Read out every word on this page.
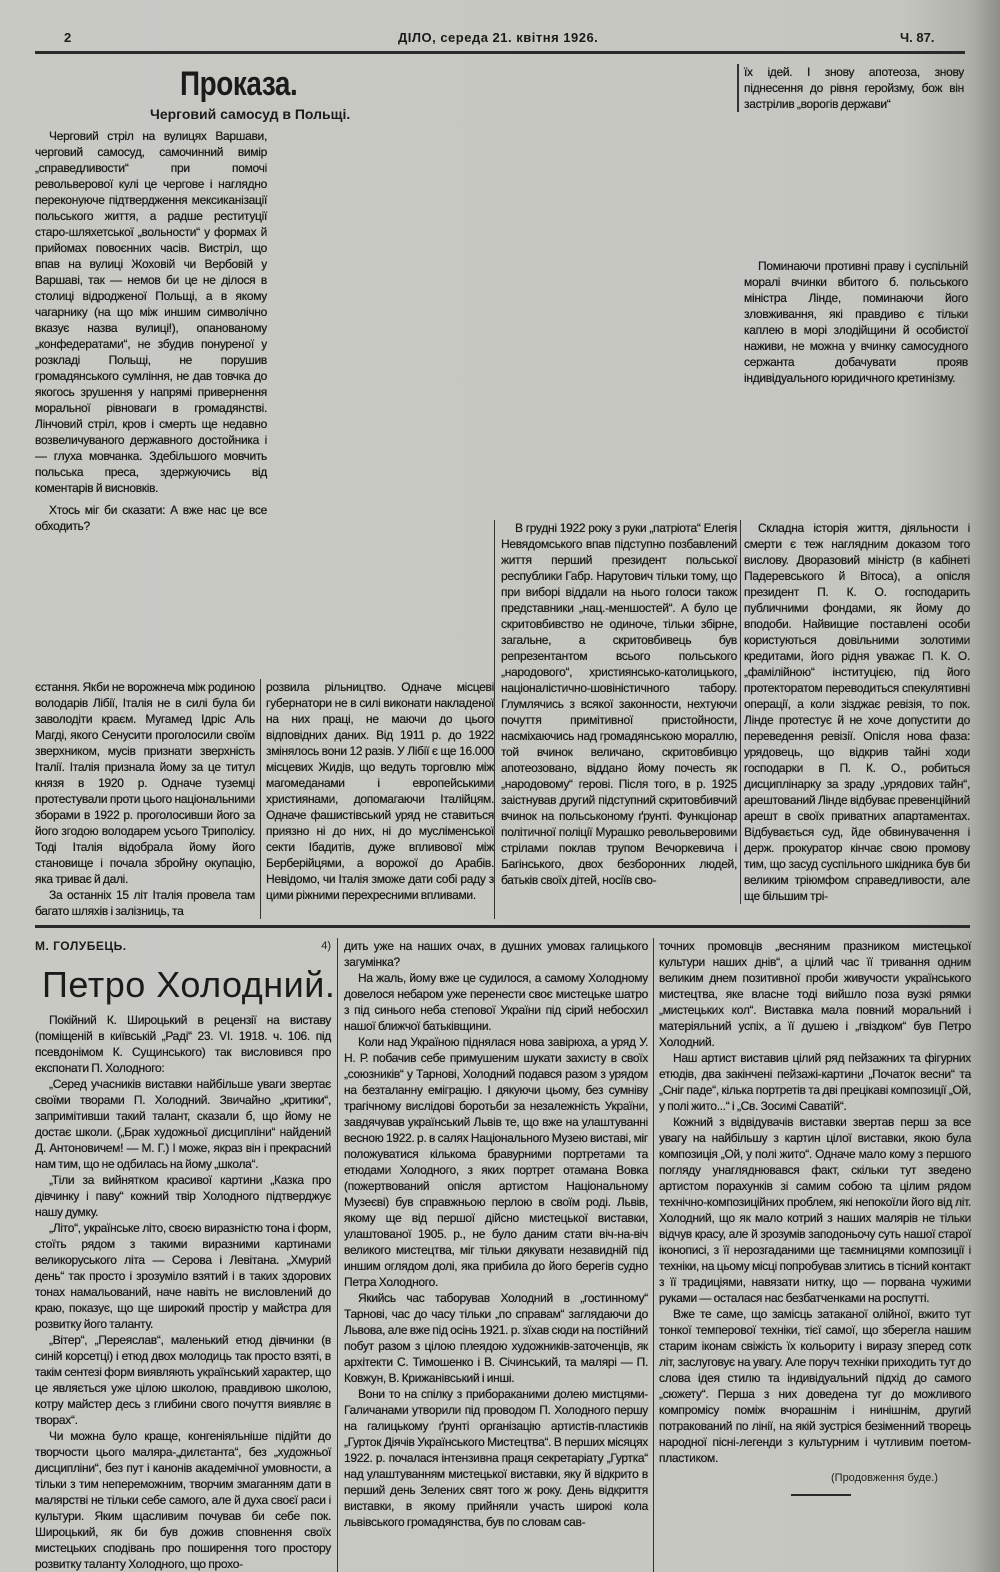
2	ДІЛО, середа 21. квітня 1926.	Ч. 87.
Проказа.
Черговий самосуд в Польщі.

Черговий стріл на вулицях Варшави, черговий самосуд, самочинний вимір „справедливости“ при помочі револьверової кулі це чергове і наглядно переконуюче підтвердження мексиканізації польського життя, а радше реституції старо-шляхетської „вольности“ у формах й прийомах повоєнних часів. Вистріл, що впав на вулиці Жоховій чи Вербовій у Варшаві, так — немов би це не ділося в столиці відродженої Польщі, а в якому чагарнику (на що між иншим символічно вказує назва вулиці!), опанованому „конфедератами“, не збудив понуреної у розкладі Польщі, не порушив громадянського сумління, не дав товчка до якогось зрушення у напрямі привернення моральної рівноваги в громадянстві. Лінчовий стріл, кров і смерть ще недавно возвеличуваного державного достойника і — глуха мовчанка. Здебільшого мовчить польська преса, здержуючись від коментарів й висновків.

Хтось міг би сказати: А вже нас це все обходить?

єстання. Якби не ворожнеча між родиною володарів Лібії, Італія не в силі була би заволодіти краєм. Мугамед Ідріс Аль Магді, якого Сенусити проголосили своїм зверхником, мусів признати зверхність Італії. Італія признала йому за це титул князя в 1920 р. Одначе туземці протестували проти цього національними зборами в 1922 р. проголосивши його за його згодою володарем усього Триполісу. Тоді Італія відобрала йому його становище і почала збройну окупацію, яка триває й далі.

За останніх 15 літ Італія провела там багато шляхів і залізниць, та

розвила рільництво. Одначе місцеві губернатори не в силі виконати накладеної на них праці, не маючи до цього відповідних даних. Від 1911 р. до 1922 змінялось вони 12 разів. У Лібії є ще 16.000 місцевих Жидів, що ведуть торговлю між магомеданами і европейськими християнами, допомагаючи Італійцям. Одначе фашистівський уряд не ставиться приязно ні до них, ні до мусліменської секти Ібадитів, дуже впливової між Берберійцями, а ворожої до Арабів. Невідомо, чи Італія зможе дати собі раду з цими ріжними перехресними впливами.

їх ідей. І знову апотеоза, знову піднесення до рівня геройзму, бож він застрілив „ворогів держави“

Поминаючи противні праву і суспільній моралі вчинки вбитого б. польського міністра Лінде, поминаючи його зловживання, які правдиво є тільки каплею в морі злодійщини й особистої наживи, не можна у вчинку самосудного сержанта добачувати прояв індивідуального юридичного кретинізму.

В грудні 1922 року з руки „патріота“ Елегія Невядомського впав підступно позбавлений життя перший президент польської республики Габр. Нарутович тільки тому, що при виборі віддали на нього голоси також представники „нац.-меншостей“. А було це скритовбивство не одиноче, тільки збірне, загальне, а скритовбивець був репрезентантом всього польського „народового“, християнсько-католицького, націоналістично-шовіністичного табору. Глумлячись з всякої законности, нехтуючи почуття примітивної пристойности, насміхаючись над громадянською мораллю, той вчинок величано, скритовбивцю апотеозовано, віддано йому почесть як „народовому“ герові. Після того, в р. 1925 заістнував другий підступний скритовбивчий вчинок на польськоному ґрунті. Функціонар політичної поліції Мурашко револьверовими стрілами поклав трупом Вечоркевича і Багінського, двох безборонних людей, батьків своїх дітей, носіїв сво-

Складна історія життя, діяльности і смерти є теж наглядним доказом того вислову. Дворазовий міністр (в кабінеті Падеревського й Вітоса), а опісля президент П. К. О. господарить публичними фондами, як йому до вподоби. Найвищие поставлені особи користуються довільними золотими кредитами, його рідня уважає П. К. О. „фамілійною“ інституцією, під його протекторатом переводиться спекулятивні операції, а коли зізджає ревізія, то пок. Лінде протестує й не хоче допустити до переведення ревізії. Опісля нова фаза: урядовець, що відкрив тайні ходи господарки в П. К. О., робиться дисциплінарку за зраду „урядових тайн“, арештований Лінде відбуває превенційний арешт в своїх приватних апартаментах. Відбувається суд, йде обвинувачення і держ. прокуратор кінчає свою промову тим, що засуд суспільного шкідника був би великим тріюмфом справедливости, але ще більшим трі-

М. ГОЛУБЕЦЬ.	4)
Петро Холодний.

Покійний К. Широцький в рецензії на виставу (поміщеній в київській „Раді“ 23. VI. 1918. ч. 106. під псевдонімом К. Сущинського) так висловився про експонати П. Холодного:

„Серед учасників виставки найбільше уваги звертає своїми творами П. Холодний. Звичайно „критики“, запримітивши такий талант, сказали б, що йому не достає школи. („Брак художньої дисципліни“ найдений Д. Антоновичем! — М. Г.) І може, якраз він і прекрасний нам тим, що не одбилась на йому „школа“.

„Тіли за вийнятком красивої картини „Казка про дівчинку і паву“ кожний твір Холодного підтверджує нашу думку.

„Літо“, українське літо, своєю виразністю тона і форм, стоїть рядом з такими виразними картинами великоруського літа — Серова і Левітана. „Хмурий день“ так просто і зрозуміло взятий і в таких здорових тонах намальований, наче навіть не висловлений до краю, показує, що ще широкий простір у майстра для розвитку його таланту.

„Вітер“, „Переяслав“, маленький етюд дівчинки (в синій корсетці) і етюд двох молодиць так просто взяті, в такім сентезі форм виявляють український характер, що це являється уже цілою школою, правдивою школою, котру майстер десь з глибини свого почуття виявляє в творах“.

Чи можна було краще, конгеніяльніше підійти до творчости цього маляра-„дилєтанта“, без „художньої дисципліни“, без пут і канонів академічної умовности, а тільки з тим непереможним, творчим змаганням дати в малярстві не тільки себе самого, але й духа своєї раси і культури. Яким щасливим почував би себе пок. Широцький, як би був дожив сповнення своїх мистецьких сподівань про поширення того простору розвитку таланту Холодного, що прохо-

дить уже на наших очах, в душних умовах галицького загумінка?

На жаль, йому вже це судилося, а самому Холодному довелося небаром уже перенести своє мистецьке шатро з під синього неба степової України під сірий небосхил нашої ближчої батьківщини.

Коли над Україною піднялася нова завірюха, а уряд У. Н. Р. побачив себе примушеним шукати захисту в своїх „союзників“ у Тарнові, Холодний подався разом з урядом на безталанну еміграцію. І дякуючи цьому, без сумніву трагічному вислідові боротьби за незалежність України, завдячував український Львів те, що вже на улаштуванні весною 1922. р. в салях Національного Музею виставі, міг положуватися кількома бравурними портретами та етюдами Холодного, з яких портрет отамана Вовка (пожертвований опісля артистом Національному Музеєві) був справжньою перлою в своїм роді. Львів, якому ще від першої дійсно мистецької виставки, улаштованої 1905. р., не було даним стати віч-на-віч великого мистецтва, міг тільки дякувати незавидній під иншим оглядом долі, яка прибила до його берегів судно Петра Холодного.

Якийсь час таборував Холодний в „гостинному“ Тарнові, час до часу тільки „по справам“ заглядаючи до Львова, але вже під осінь 1921. р. зїхав сюди на постійний побут разом з цілою плеядою художників-заточенців, як архітекти С. Тимошенко і В. Січинський, та малярі — П. Ковжун, В. Крижанівський і инші.

Вони то на спілку з прибораканими долею мистцями-Галичанами утворили під проводом П. Холодного першу на галицькому ґрунті організацію артистів-пластиків „Гурток Діячів Українського Мистецтва“. В перших місяцях 1922. р. почалася інтензивна праця секретаріату „Гуртка“ над улаштуванням мистецької виставки, яку й відкрито в перший день Зелених свят того ж року. День відкриття виставки, в якому прийняли участь широкі кола львівського громадянства, був по словам сав-

точних промовців „весняним празником мистецької культури наших днів“, а цілий час її тривання одним великим днем позитивної проби живучости українського мистецтва, яке власне тоді вийшло поза вузкі рямки „мистецьких кол“. Виставка мала повний моральний і матеріяльний успіх, а її душею і „гвіздком“ був Петро Холодний.

Наш артист виставив цілий ряд пейзажних та фігурних етюдів, два закінчені пейзажі-картини „Початок весни“ та „Сніг паде“, кілька портретів та дві прецікаві композиції „Ой, у полі жито...“ і „Св. Зосимі Саватій“.

Кожний з відвідувачів виставки звертав перш за все увагу на найбільшу з картин цілої виставки, якою була композиція „Ой, у полі жито“. Одначе мало кому з першого погляду унагляднювався факт, скільки тут зведено артистом порахунків зі самим собою та цілим рядом технічно-композиційних проблем, які непокоїли його від літ. Холодний, що як мало котрий з наших малярів не тільки відчув красу, але й зрозумів заподоньочу суть нашої старої іконописі, з її нерозгаданими ще таємницями композиції і техніки, на цьому місці попробував злитись в тісний контакт з її традиціями, навязати нитку, що — порвана чужими руками — осталася нас безбатченками на роспутті.

Вже те саме, що замісць затаканої олійної, вжито тут тонкої темперової техніки, тієї самої, що зберегла нашим старим іконам свіжість їх кольориту і виразу зперед сотк літ, заслуговує на увагу. Але поруч техніки приходить тут до слова ідея стилю та індивідуальний підхід до самого „сюжету“. Перша з них доведена туг до можливого компромісу поміж вчорашнім і нинішнім, другий потракований по лінії, на якій зустріся безіменний творець народної пісні-легенди з культурним і чутливим поетом-пластиком.

(Продовження буде.)
